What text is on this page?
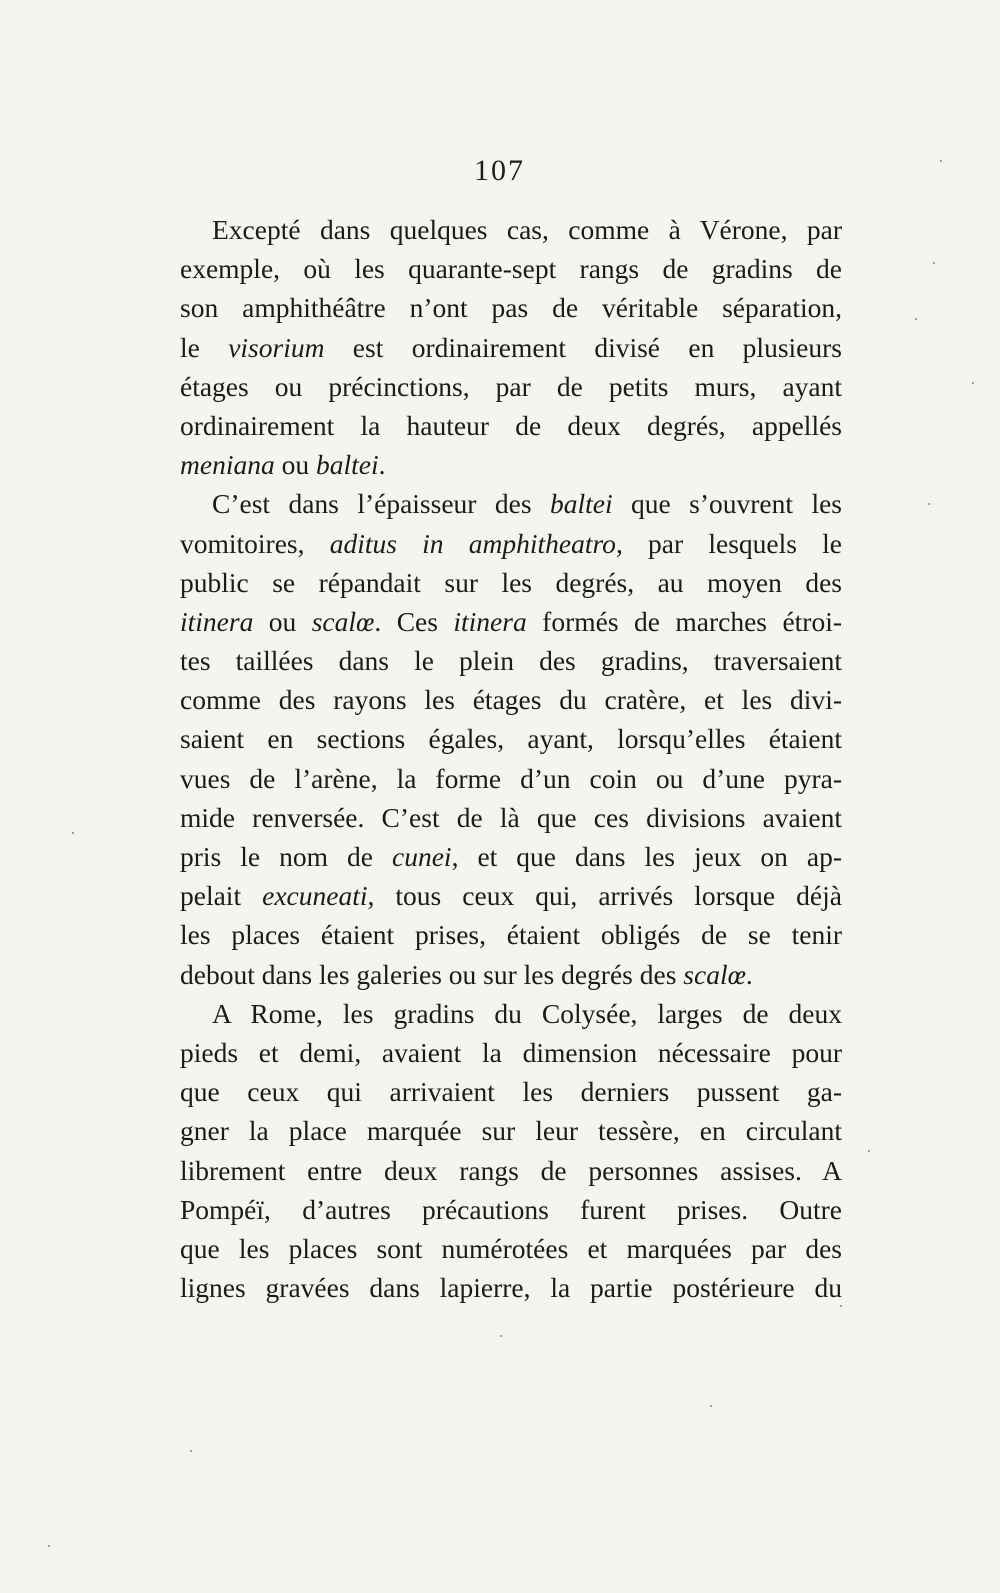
107
Excepté dans quelques cas, comme à Vérone, par
exemple, où les quarante-sept rangs de gradins de
son amphithéâtre n’ont pas de véritable séparation,
le visorium est ordinairement divisé en plusieurs
étages ou précinctions, par de petits murs, ayant
ordinairement la hauteur de deux degrés, appellés
meniana ou baltei.
C’est dans l’épaisseur des baltei que s’ouvrent les
vomitoires, aditus in amphitheatro, par lesquels le
public se répandait sur les degrés, au moyen des
itinera ou scalœ. Ces itinera formés de marches étroi-
tes taillées dans le plein des gradins, traversaient
comme des rayons les étages du cratère, et les divi-
saient en sections égales, ayant, lorsqu’elles étaient
vues de l’arène, la forme d’un coin ou d’une pyra-
mide renversée. C’est de là que ces divisions avaient
pris le nom de cunei, et que dans les jeux on ap-
pelait excuneati, tous ceux qui, arrivés lorsque déjà
les places étaient prises, étaient obligés de se tenir
debout dans les galeries ou sur les degrés des scalœ.
A Rome, les gradins du Colysée, larges de deux
pieds et demi, avaient la dimension nécessaire pour
que ceux qui arrivaient les derniers pussent ga-
gner la place marquée sur leur tessère, en circulant
librement entre deux rangs de personnes assises. A
Pompéï, d’autres précautions furent prises. Outre
que les places sont numérotées et marquées par des
lignes gravées dans lapierre, la partie postérieure du
